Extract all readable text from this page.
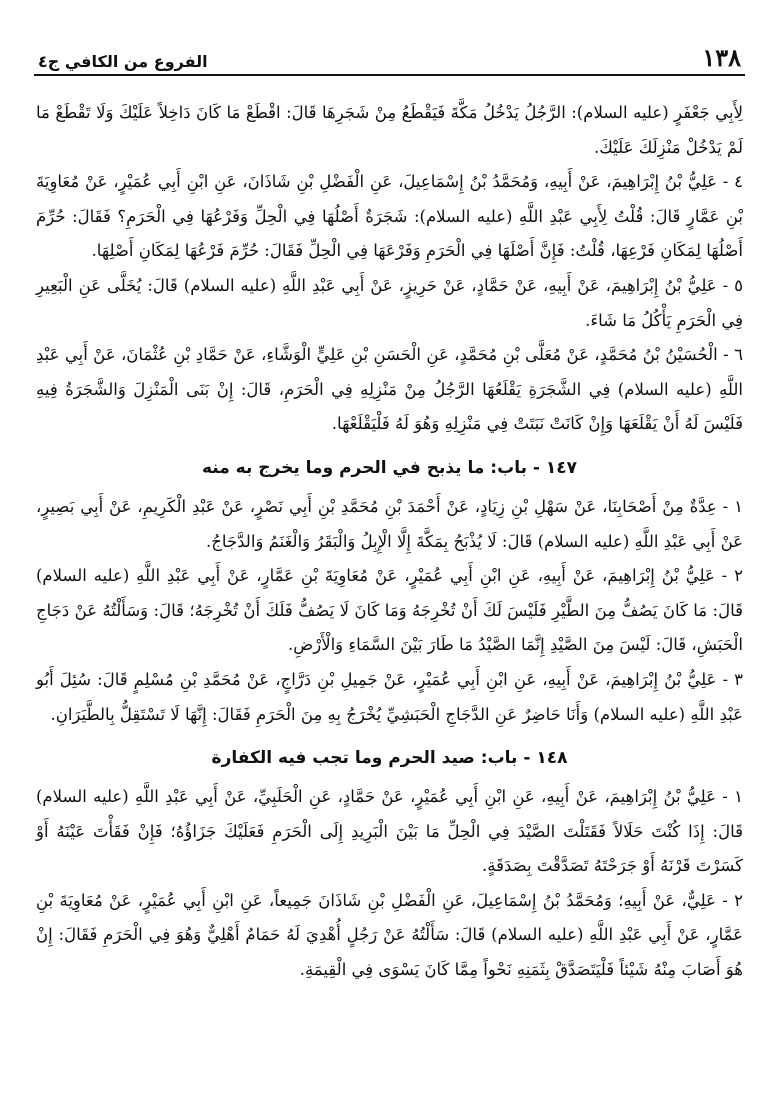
١٣٨
الفروع من الكافي ج٤

لِأَبِي جَعْفَرٍ (عليه السلام): الرَّجُلُ يَدْخُلُ مَكَّةَ فَيَقْطَعُ مِنْ شَجَرِهَا قَالَ: اقْطَعْ مَا كَانَ دَاخِلاً عَلَيْكَ وَلَا تَقْطَعْ مَا لَمْ يَدْخُلْ مَنْزِلَكَ عَلَيْكَ.

٤ - عَلِيُّ بْنُ إِبْرَاهِيمَ، عَنْ أَبِيهِ، وَمُحَمَّدُ بْنُ إِسْمَاعِيلَ، عَنِ الْفَضْلِ بْنِ شَاذَانَ، عَنِ ابْنِ أَبِي عُمَيْرٍ، عَنْ مُعَاوِيَةَ بْنِ عَمَّارٍ قَالَ: قُلْتُ لِأَبِي عَبْدِ اللَّهِ (عليه السلام): شَجَرَةٌ أَصْلُهَا فِي الْحِلِّ وَفَرْعُهَا فِي الْحَرَمِ؟ فَقَالَ: حُرِّمَ أَصْلُهَا لِمَكَانِ فَرْعِهَا، قُلْتُ: فَإِنَّ أَصْلَهَا فِي الْحَرَمِ وَفَرْعَهَا فِي الْحِلِّ فَقَالَ: حُرِّمَ فَرْعُهَا لِمَكَانِ أَصْلِهَا.

٥ - عَلِيُّ بْنُ إِبْرَاهِيمَ، عَنْ أَبِيهِ، عَنْ حَمَّادٍ، عَنْ حَرِيزٍ، عَنْ أَبِي عَبْدِ اللَّهِ (عليه السلام) قَالَ: يُخَلَّى عَنِ الْبَعِيرِ فِي الْحَرَمِ يَأْكُلُ مَا شَاءَ.

٦ - الْحُسَيْنُ بْنُ مُحَمَّدٍ، عَنْ مُعَلَّى بْنِ مُحَمَّدٍ، عَنِ الْحَسَنِ بْنِ عَلِيٍّ الْوَشَّاءِ، عَنْ حَمَّادِ بْنِ عُثْمَانَ، عَنْ أَبِي عَبْدِ اللَّهِ (عليه السلام) فِي الشَّجَرَةِ يَقْلَعُهَا الرَّجُلُ مِنْ مَنْزِلِهِ فِي الْحَرَمِ، قَالَ: إِنْ بَنَى الْمَنْزِلَ وَالشَّجَرَةُ فِيهِ فَلَيْسَ لَهُ أَنْ يَقْلَعَهَا وَإِنْ كَانَتْ نَبَتَتْ فِي مَنْزِلِهِ وَهُوَ لَهُ فَلْيَقْلَعْهَا.

١٤٧ - باب: ما يذبح في الحرم وما يخرج به منه

١ - عِدَّةٌ مِنْ أَصْحَابِنَا، عَنْ سَهْلِ بْنِ زِيَادٍ، عَنْ أَحْمَدَ بْنِ مُحَمَّدِ بْنِ أَبِي نَصْرٍ، عَنْ عَبْدِ الْكَرِيمِ، عَنْ أَبِي بَصِيرٍ، عَنْ أَبِي عَبْدِ اللَّهِ (عليه السلام) قَالَ: لَا يُذْبَحُ بِمَكَّةَ إِلَّا الْإِبِلُ وَالْبَقَرُ وَالْغَنَمُ وَالدَّجَاجُ.

٢ - عَلِيُّ بْنُ إِبْرَاهِيمَ، عَنْ أَبِيهِ، عَنِ ابْنِ أَبِي عُمَيْرٍ، عَنْ مُعَاوِيَةَ بْنِ عَمَّارٍ، عَنْ أَبِي عَبْدِ اللَّهِ (عليه السلام) قَالَ: مَا كَانَ يَصُفُّ مِنَ الطَّيْرِ فَلَيْسَ لَكَ أَنْ تُخْرِجَهُ وَمَا كَانَ لَا يَصُفُّ فَلَكَ أَنْ تُخْرِجَهُ؛ قَالَ: وَسَأَلْتُهُ عَنْ دَجَاجِ الْحَبَشِ، قَالَ: لَيْسَ مِنَ الصَّيْدِ إِنَّمَا الصَّيْدُ مَا طَارَ بَيْنَ السَّمَاءِ وَالْأَرْضِ.

٣ - عَلِيُّ بْنُ إِبْرَاهِيمَ، عَنْ أَبِيهِ، عَنِ ابْنِ أَبِي عُمَيْرٍ، عَنْ جَمِيلِ بْنِ دَرَّاجٍ، عَنْ مُحَمَّدِ بْنِ مُسْلِمٍ قَالَ: سُئِلَ أَبُو عَبْدِ اللَّهِ (عليه السلام) وَأَنَا حَاضِرٌ عَنِ الدَّجَاجِ الْحَبَشِيِّ يُخْرَجُ بِهِ مِنَ الْحَرَمِ فَقَالَ: إِنَّهَا لَا تَسْتَقِلُّ بِالطَّيَرَانِ.

١٤٨ - باب: صيد الحرم وما تجب فيه الكفارة

١ - عَلِيُّ بْنُ إِبْرَاهِيمَ، عَنْ أَبِيهِ، عَنِ ابْنِ أَبِي عُمَيْرٍ، عَنْ حَمَّادٍ، عَنِ الْحَلَبِيِّ، عَنْ أَبِي عَبْدِ اللَّهِ (عليه السلام) قَالَ: إِذَا كُنْتَ حَلَالاً فَقَتَلْتَ الصَّيْدَ فِي الْحِلِّ مَا بَيْنَ الْبَرِيدِ إِلَى الْحَرَمِ فَعَلَيْكَ جَزَاؤُهُ؛ فَإِنْ فَقَأْتَ عَيْنَهُ أَوْ كَسَرْتَ قَرْنَهُ أَوْ جَرَحْتَهُ تَصَدَّقْتَ بِصَدَقَةٍ.

٢ - عَلِيٌّ، عَنْ أَبِيهِ؛ وَمُحَمَّدُ بْنُ إِسْمَاعِيلَ، عَنِ الْفَضْلِ بْنِ شَاذَانَ جَمِيعاً، عَنِ ابْنِ أَبِي عُمَيْرٍ، عَنْ مُعَاوِيَةَ بْنِ عَمَّارٍ، عَنْ أَبِي عَبْدِ اللَّهِ (عليه السلام) قَالَ: سَأَلْتُهُ عَنْ رَجُلٍ أُهْدِيَ لَهُ حَمَامٌ أَهْلِيٌّ وَهُوَ فِي الْحَرَمِ فَقَالَ: إِنْ هُوَ أَصَابَ مِنْهُ شَيْئاً فَلْيَتَصَدَّقْ بِثَمَنِهِ نَحْواً مِمَّا كَانَ يَسْوَى فِي الْقِيمَةِ.
